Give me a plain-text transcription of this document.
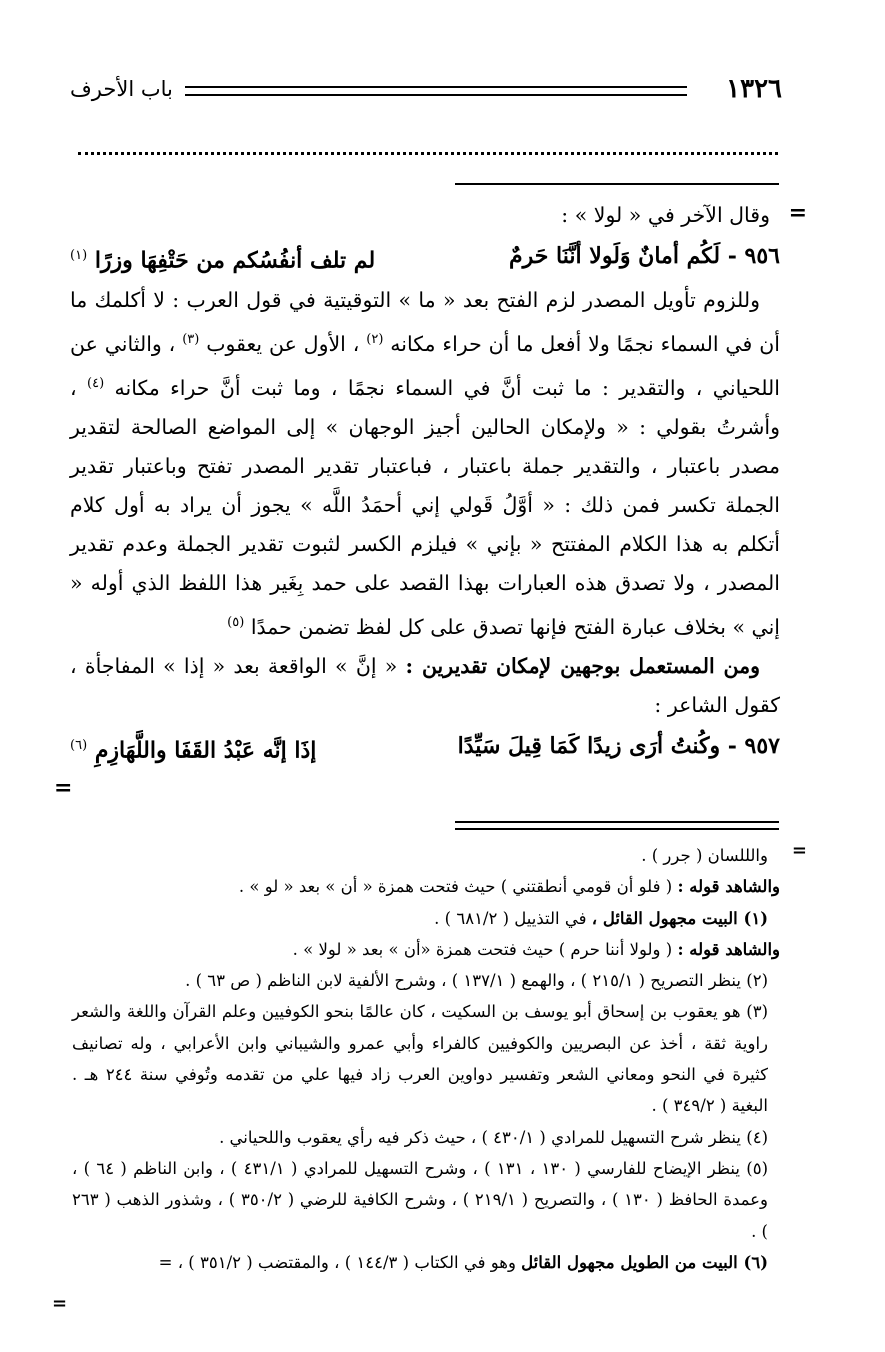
١٣٢٦
باب الأحرف
=
=
=
=

وقال الآخر في « لولا » :

٩٥٦ - لَكُم أمانٌ وَلَولا أنَّنَا حَرمٌ
لم تلف أنفُسُكم من حَتْفِهَا وزرًا $^{(١)}$

وللزوم تأويل المصدر لزم الفتح بعد « ما » التوقيتية في قول العرب : لا أكلمك ما أن في السماء نجمًا ولا أفعل ما أن حراء مكانه $^{(٢)}$ ، الأول عن يعقوب $^{(٣)}$ ، والثاني عن اللحياني ، والتقدير : ما ثبت أنَّ في السماء نجمًا ، وما ثبت أنَّ حراء مكانه $^{(٤)}$ ، وأشرتُ بقولي : « ولإمكان الحالين أجيز الوجهان » إلى المواضع الصالحة لتقدير مصدر باعتبار ، والتقدير جملة باعتبار ، فباعتبار تقدير المصدر تفتح وباعتبار تقدير الجملة تكسر فمن ذلك : « أوَّلُ قَولي إني أحمَدُ اللَّه » يجوز أن يراد به أول كلام أتكلم به هذا الكلام المفتتح « بإني » فيلزم الكسر لثبوت تقدير الجملة وعدم تقدير المصدر ، ولا تصدق هذه العبارات بهذا القصد على حمد بِغَير هذا اللفظ الذي أوله « إني » بخلاف عبارة الفتح فإنها تصدق على كل لفظ تضمن حمدًا $^{(٥)}$

ومن المستعمل بوجهين لإمكان تقديرين : « إنَّ » الواقعة بعد « إذا » المفاجأة ، كقول الشاعر :

٩٥٧ - وكُنتُ أرَى زيدًا كَمَا قِيلَ سَيِّدًا
إذَا إنَّه عَبْدُ القَفَا واللَّهَازِمِ $^{(٦)}$

والللسان ( جرر ) .

والشاهد قوله : ( فلو أن قومي أنطقتني ) حيث فتحت همزة « أن » بعد « لو » .

(١) البيت مجهول القائل ، في التذييل ( ٦٨١/٢ ) .

والشاهد قوله : ( ولولا أننا حرم ) حيث فتحت همزة «أن » بعد « لولا » .

(٢) ينظر التصريح ( ٢١٥/١ ) ، والهمع ( ١٣٧/١ ) ، وشرح الألفية لابن الناظم ( ص ٦٣ ) .

(٣) هو يعقوب بن إسحاق أبو يوسف بن السكيت ، كان عالمًا بنحو الكوفيين وعلم القرآن واللغة والشعر راوية ثقة ، أخذ عن البصريين والكوفيين كالفراء وأبي عمرو والشيباني وابن الأعرابي ، وله تصانيف كثيرة في النحو ومعاني الشعر وتفسير دواوين العرب زاد فيها علي من تقدمه وتُوفي سنة ٢٤٤ هـ . البغية ( ٣٤٩/٢ ) .

(٤) ينظر شرح التسهيل للمرادي ( ٤٣٠/١ ) ، حيث ذكر فيه رأي يعقوب واللحياني .

(٥) ينظر الإيضاح للفارسي ( ١٣٠ ، ١٣١ ) ، وشرح التسهيل للمرادي ( ٤٣١/١ ) ، وابن الناظم ( ٦٤ ) ، وعمدة الحافظ ( ١٣٠ ) ، والتصريح ( ٢١٩/١ ) ، وشرح الكافية للرضي ( ٣٥٠/٢ ) ، وشذور الذهب ( ٢٦٣ ) .

(٦) البيت من الطويل مجهول القائل وهو في الكتاب ( ١٤٤/٣ ) ، والمقتضب ( ٣٥١/٢ ) ، =
